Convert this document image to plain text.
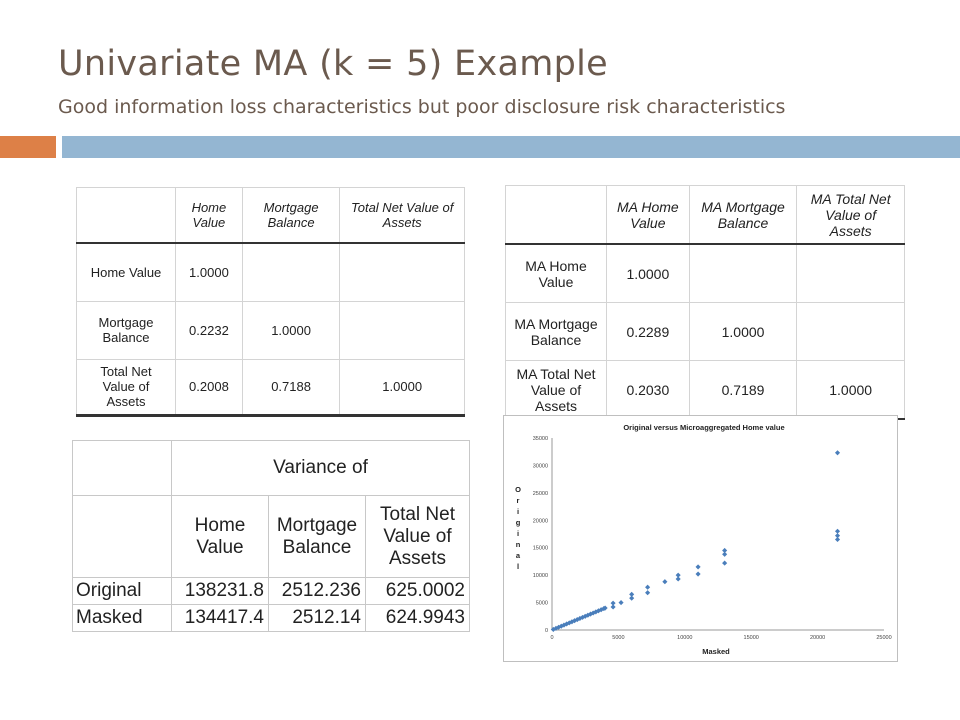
Univariate MA (k = 5) Example
Good information loss characteristics but poor disclosure risk characteristics
	Home Value	Mortgage Balance	Total Net Value of Assets
Home Value	1.0000		

Mortgage Balance	0.2232	1.0000	

Total Net Value of Assets	0.2008	0.7188	1.0000

	MA Home Value	MA Mortgage Balance	MA Total Net Value of Assets

MA Home Value	1.0000		

MA Mortgage Balance	0.2289	1.0000	

MA Total Net Value of Assets	0.2030	0.7189	1.0000
	Variance of		

	Home Value	Mortgage Balance	Total Net Value of Assets

Original	138231.8	2512.236	625.0002
Masked	134417.4	2512.14	624.9943
Original versus Microaggregated Home value
Masked
O
r
i
g
i
n
a
l
0	5000	10000	15000	20000	25000
0
5000
10000
15000
20000
25000
30000
35000
